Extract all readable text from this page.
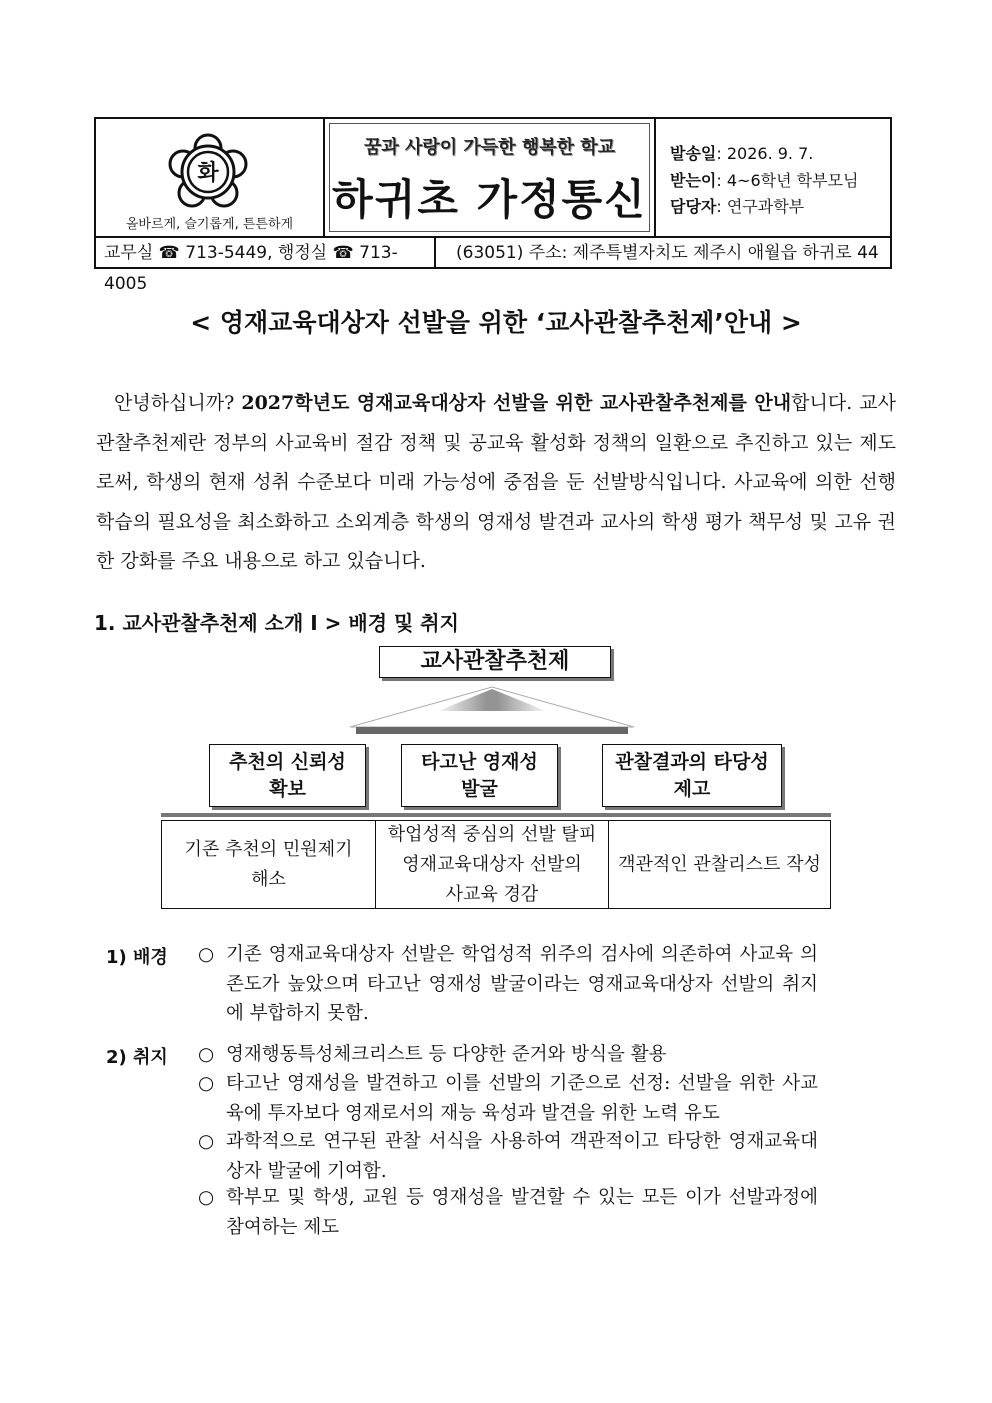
화
올바르게, 슬기롭게, 튼튼하게
꿈과 사랑이 가득한 행복한 학교
하귀초 가정통신
발송일: 2026. 9. 7.
받는이: 4~6학년 학부모님
담당자: 연구과학부
교무실 ☎ 713-5449, 행정실 ☎ 713-4005
(63051) 주소: 제주특별자치도 제주시 애월읍 하귀로 44
< 영재교육대상자 선발을 위한 ‘교사관찰추천제’안내 >
안녕하십니까? 2027학년도 영재교육대상자 선발을 위한 교사관찰추천제를 안내합니다. 교사관찰추천제란 정부의 사교육비 절감 정책 및 공교육 활성화 정책의 일환으로 추진하고 있는 제도로써, 학생의 현재 성취 수준보다 미래 가능성에 중점을 둔 선발방식입니다. 사교육에 의한 선행학습의 필요성을 최소화하고 소외계층 학생의 영재성 발견과 교사의 학생 평가 책무성 및 고유 권한 강화를 주요 내용으로 하고 있습니다.
1. 교사관찰추천제 소개 Ⅰ > 배경 및 취지
교사관찰추천제
추천의 신뢰성
확보
타고난 영재성
발굴
관찰결과의 타당성
제고
기존 추천의 민원제기
해소
학업성적 중심의 선발 탈피
영재교육대상자 선발의
사교육 경감
객관적인 관찰리스트 작성
1) 배경 ○ 기존 영재교육대상자 선발은 학업성적 위주의 검사에 의존하여 사교육 의존도가 높았으며 타고난 영재성 발굴이라는 영재교육대상자 선발의 취지에 부합하지 못함.
2) 취지 ○ 영재행동특성체크리스트 등 다양한 준거와 방식을 활용
○ 타고난 영재성을 발견하고 이를 선발의 기준으로 선정: 선발을 위한 사교육에 투자보다 영재로서의 재능 육성과 발견을 위한 노력 유도
○ 과학적으로 연구된 관찰 서식을 사용하여 객관적이고 타당한 영재교육대상자 발굴에 기여함.
○ 학부모 및 학생, 교원 등 영재성을 발견할 수 있는 모든 이가 선발과정에 참여하는 제도
